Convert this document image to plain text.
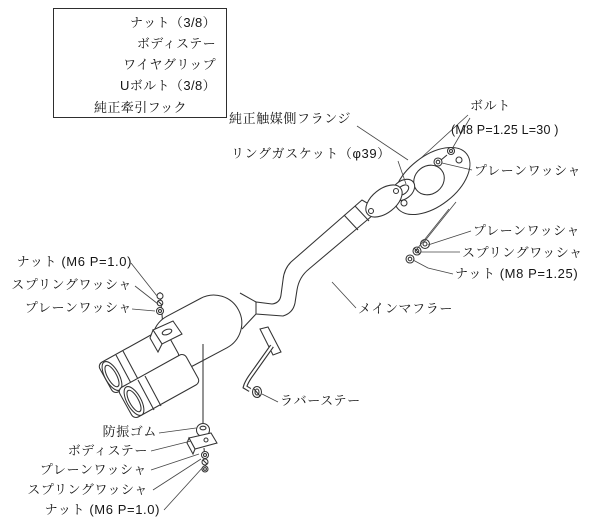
ナット（3/8）
ボディステー
ワイヤグリップ
Uボルト（3/8）
純正牽引フック
純正触媒側フランジ
リングガスケット（φ39）
ボルト
(M8 P=1.25 L=30 )
プレーンワッシャ
プレーンワッシャ
スプリングワッシャ
ナット (M8 P=1.25)
ナット (M6 P=1.0)
スプリングワッシャ
プレーンワッシャ	メインマフラー
ラバーステー
防振ゴム
ボディステー
プレーンワッシャ
スプリングワッシャ
ナット (M6 P=1.0)
